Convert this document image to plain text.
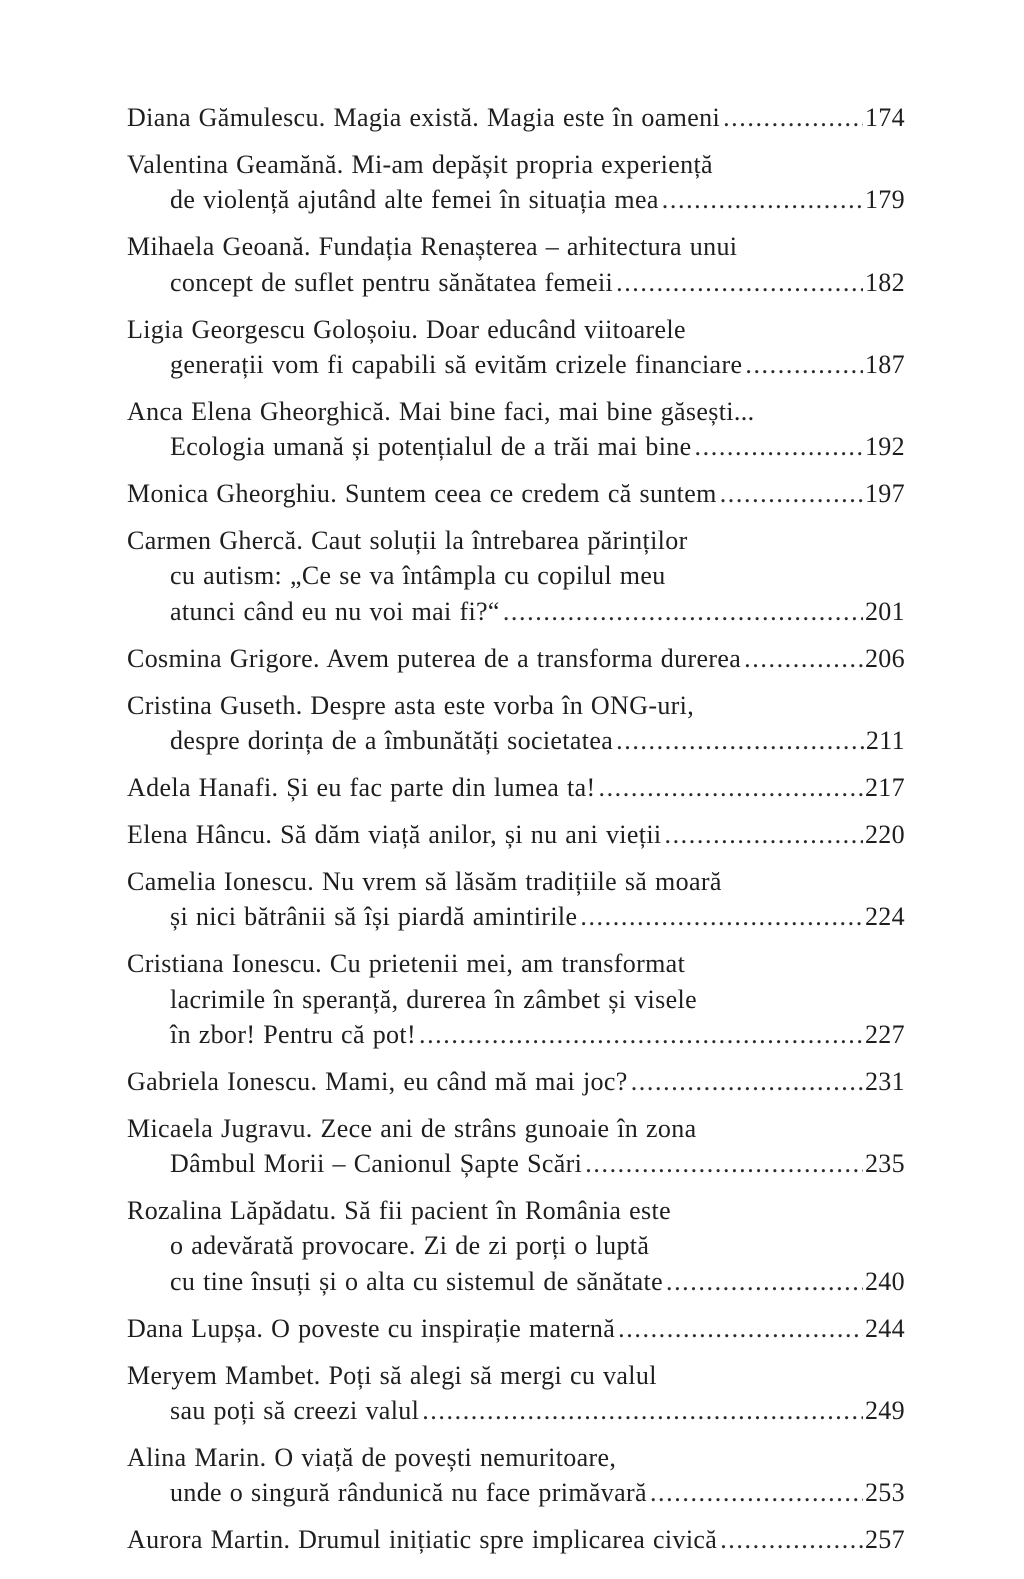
Diana Gămulescu. Magia există. Magia este în oameni .....	174
Valentina Geamănă. Mi-am depășit propria experiență
de violență ajutând alte femei în situația mea .....	179
Mihaela Geoană. Fundația Renașterea – arhitectura unui
concept de suflet pentru sănătatea femeii .....	182
Ligia Georgescu Goloșoiu. Doar educând viitoarele
generații vom fi capabili să evităm crizele financiare .....	187
Anca Elena Gheorghică. Mai bine faci, mai bine găsești...
Ecologia umană și potențialul de a trăi mai bine .....	192
Monica Gheorghiu. Suntem ceea ce credem că suntem .....	197
Carmen Ghercă. Caut soluții la întrebarea părinților
cu autism: „Ce se va întâmpla cu copilul meu
atunci când eu nu voi mai fi?“ .....	201
Cosmina Grigore. Avem puterea de a transforma durerea .....	206
Cristina Guseth. Despre asta este vorba în ONG-uri,
despre dorința de a îmbunătăți societatea .....	211
Adela Hanafi. Și eu fac parte din lumea ta! .....	217
Elena Hâncu. Să dăm viață anilor, și nu ani vieții .....	220
Camelia Ionescu. Nu vrem să lăsăm tradițiile să moară
și nici bătrânii să își piardă amintirile .....	224
Cristiana Ionescu. Cu prietenii mei, am transformat
lacrimile în speranță, durerea în zâmbet și visele
în zbor! Pentru că pot! .....	227
Gabriela Ionescu. Mami, eu când mă mai joc? .....	231
Micaela Jugravu. Zece ani de strâns gunoaie în zona
Dâmbul Morii – Canionul Șapte Scări .....	235
Rozalina Lăpădatu. Să fii pacient în România este
o adevărată provocare. Zi de zi porți o luptă
cu tine însuți și o alta cu sistemul de sănătate .....	240
Dana Lupșa. O poveste cu inspirație maternă .....	244
Meryem Mambet. Poți să alegi să mergi cu valul
sau poți să creezi valul .....	249
Alina Marin. O viață de povești nemuritoare,
unde o singură rândunică nu face primăvară .....	253
Aurora Martin. Drumul inițiatic spre implicarea civică .....	257
